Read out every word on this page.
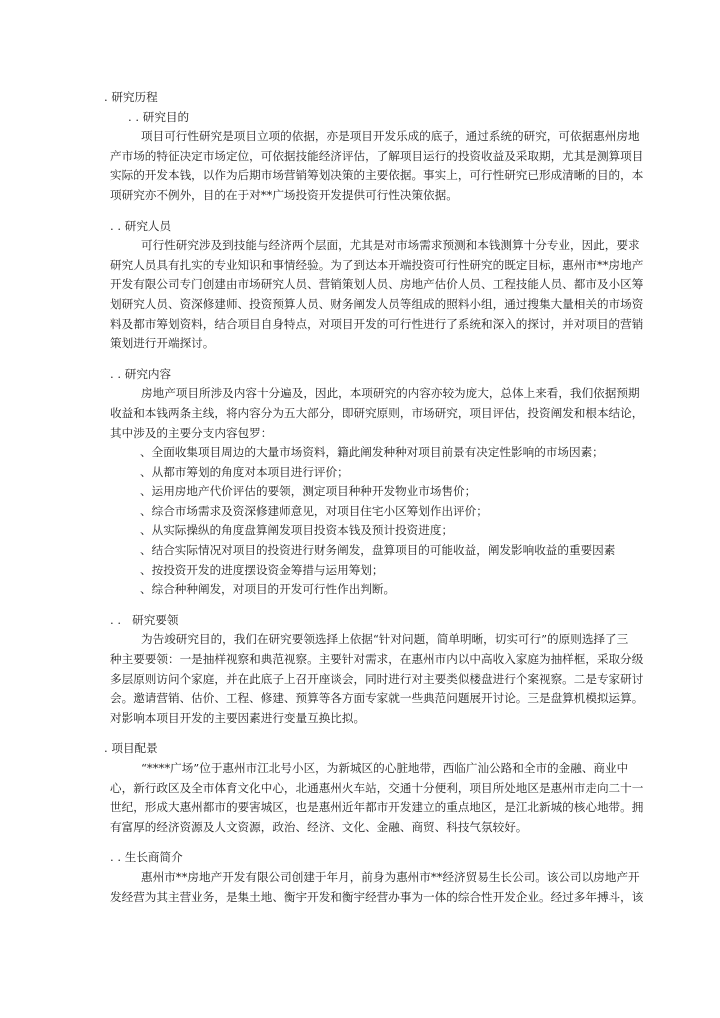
. 研究历程
. . 研究目的
项目可行性研究是项目立项的依据，亦是项目开发乐成的底子，通过系统的研究，可依据惠州房地
产市场的特征决定市场定位，可依据技能经济评估，了解项目运行的投资收益及采取期，尤其是测算项目
实际的开发本钱，以作为后期市场营销筹划决策的主要依据。事实上，可行性研究已形成清晰的目的，本
项研究亦不例外，目的在于对**广场投资开发提供可行性决策依据。
. . 研究人员
可行性研究涉及到技能与经济两个层面，尤其是对市场需求预测和本钱测算十分专业，因此，要求
研究人员具有扎实的专业知识和事情经验。为了到达本开端投资可行性研究的既定目标，惠州市**房地产
开发有限公司专门创建由市场研究人员、营销策划人员、房地产估价人员、工程技能人员、都市及小区筹
划研究人员、资深修建师、投资预算人员、财务阐发人员等组成的照料小组，通过搜集大量相关的市场资
料及都市筹划资料，结合项目自身特点，对项目开发的可行性进行了系统和深入的探讨，并对项目的营销
策划进行开端探讨。
. . 研究内容
房地产项目所涉及内容十分遍及，因此，本项研究的内容亦较为庞大，总体上来看，我们依据预期
收益和本钱两条主线，将内容分为五大部分，即研究原则，市场研究，项目评估，投资阐发和根本结论，
其中涉及的主要分支内容包罗：
、全面收集项目周边的大量市场资料，籍此阐发种种对项目前景有决定性影响的市场因素；
、从都市筹划的角度对本项目进行评价；
、运用房地产代价评估的要领，测定项目种种开发物业市场售价；
、综合市场需求及资深修建师意见，对项目住宅小区筹划作出评价；
、从实际操纵的角度盘算阐发项目投资本钱及预计投资进度；
、结合实际情况对项目的投资进行财务阐发，盘算项目的可能收益，阐发影响收益的重要因素
、按投资开发的进度摆设资金筹措与运用筹划；
、综合种种阐发，对项目的开发可行性作出判断。
. .   研究要领
为告竣研究目的，我们在研究要领选择上依据“针对问题，简单明晰，切实可行”的原则选择了三
种主要要领：一是抽样视察和典范视察。主要针对需求，在惠州市内以中高收入家庭为抽样框，采取分级
多层原则访问个家庭，并在此底子上召开座谈会，同时进行对主要类似楼盘进行个案视察。二是专家研讨
会。邀请营销、估价、工程、修建、预算等各方面专家就一些典范问题展开讨论。三是盘算机模拟运算。
对影响本项目开发的主要因素进行变量互换比拟。
. 项目配景
“****广场”位于惠州市江北号小区，为新城区的心脏地带，西临广汕公路和全市的金融、商业中
心，新行政区及全市体育文化中心，北通惠州火车站，交通十分便利，项目所处地区是惠州市走向二十一
世纪，形成大惠州都市的要害城区，也是惠州近年都市开发建立的重点地区，是江北新城的核心地带。拥
有富厚的经济资源及人文资源，政治、经济、文化、金融、商贸、科技气氛较好。
. . 生长商简介
惠州市**房地产开发有限公司创建于年月，前身为惠州市**经济贸易生长公司。该公司以房地产开
发经营为其主营业务，是集土地、衡宇开发和衡宇经营办事为一体的综合性开发企业。经过多年搏斗，该
